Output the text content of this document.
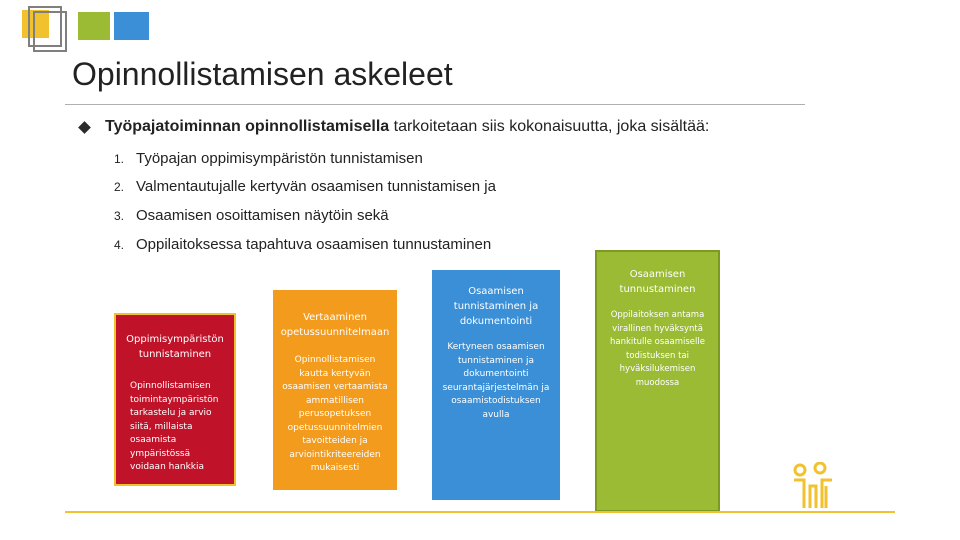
Opinnollistamisen askeleet
Työpajatoiminnan opinnollistamisella tarkoitetaan siis kokonaisuutta, joka sisältää:
1. Työpajan oppimisympäristön tunnistamisen
2. Valmentautujalle kertyvän osaamisen tunnistamisen ja
3. Osaamisen osoittamisen näytöin sekä
4. Oppilaitoksessa tapahtuva osaamisen tunnustaminen
Oppimisympäristön tunnistaminen
Opinnollistamisen toimintaympäristön tarkastelu ja arvio siitä, millaista osaamista ympäristössä voidaan hankkia
Vertaaminen opetussuunnitelmaan
Opinnollistamisen kautta kertyvän osaamisen vertaamista ammatillisen perusopetuksen opetussuunnitelmien tavoitteiden ja arviointikriteereiden mukaisesti
Osaamisen tunnistaminen ja dokumentointi
Kertyneen osaamisen tunnistaminen ja dokumentointi seurantajärjestelmän ja osaamistodistuksen avulla
Osaamisen tunnustaminen
Oppilaitoksen antama virallinen hyväksyntä hankitulle osaamiselle todistuksen tai hyväksilukemisen muodossa
